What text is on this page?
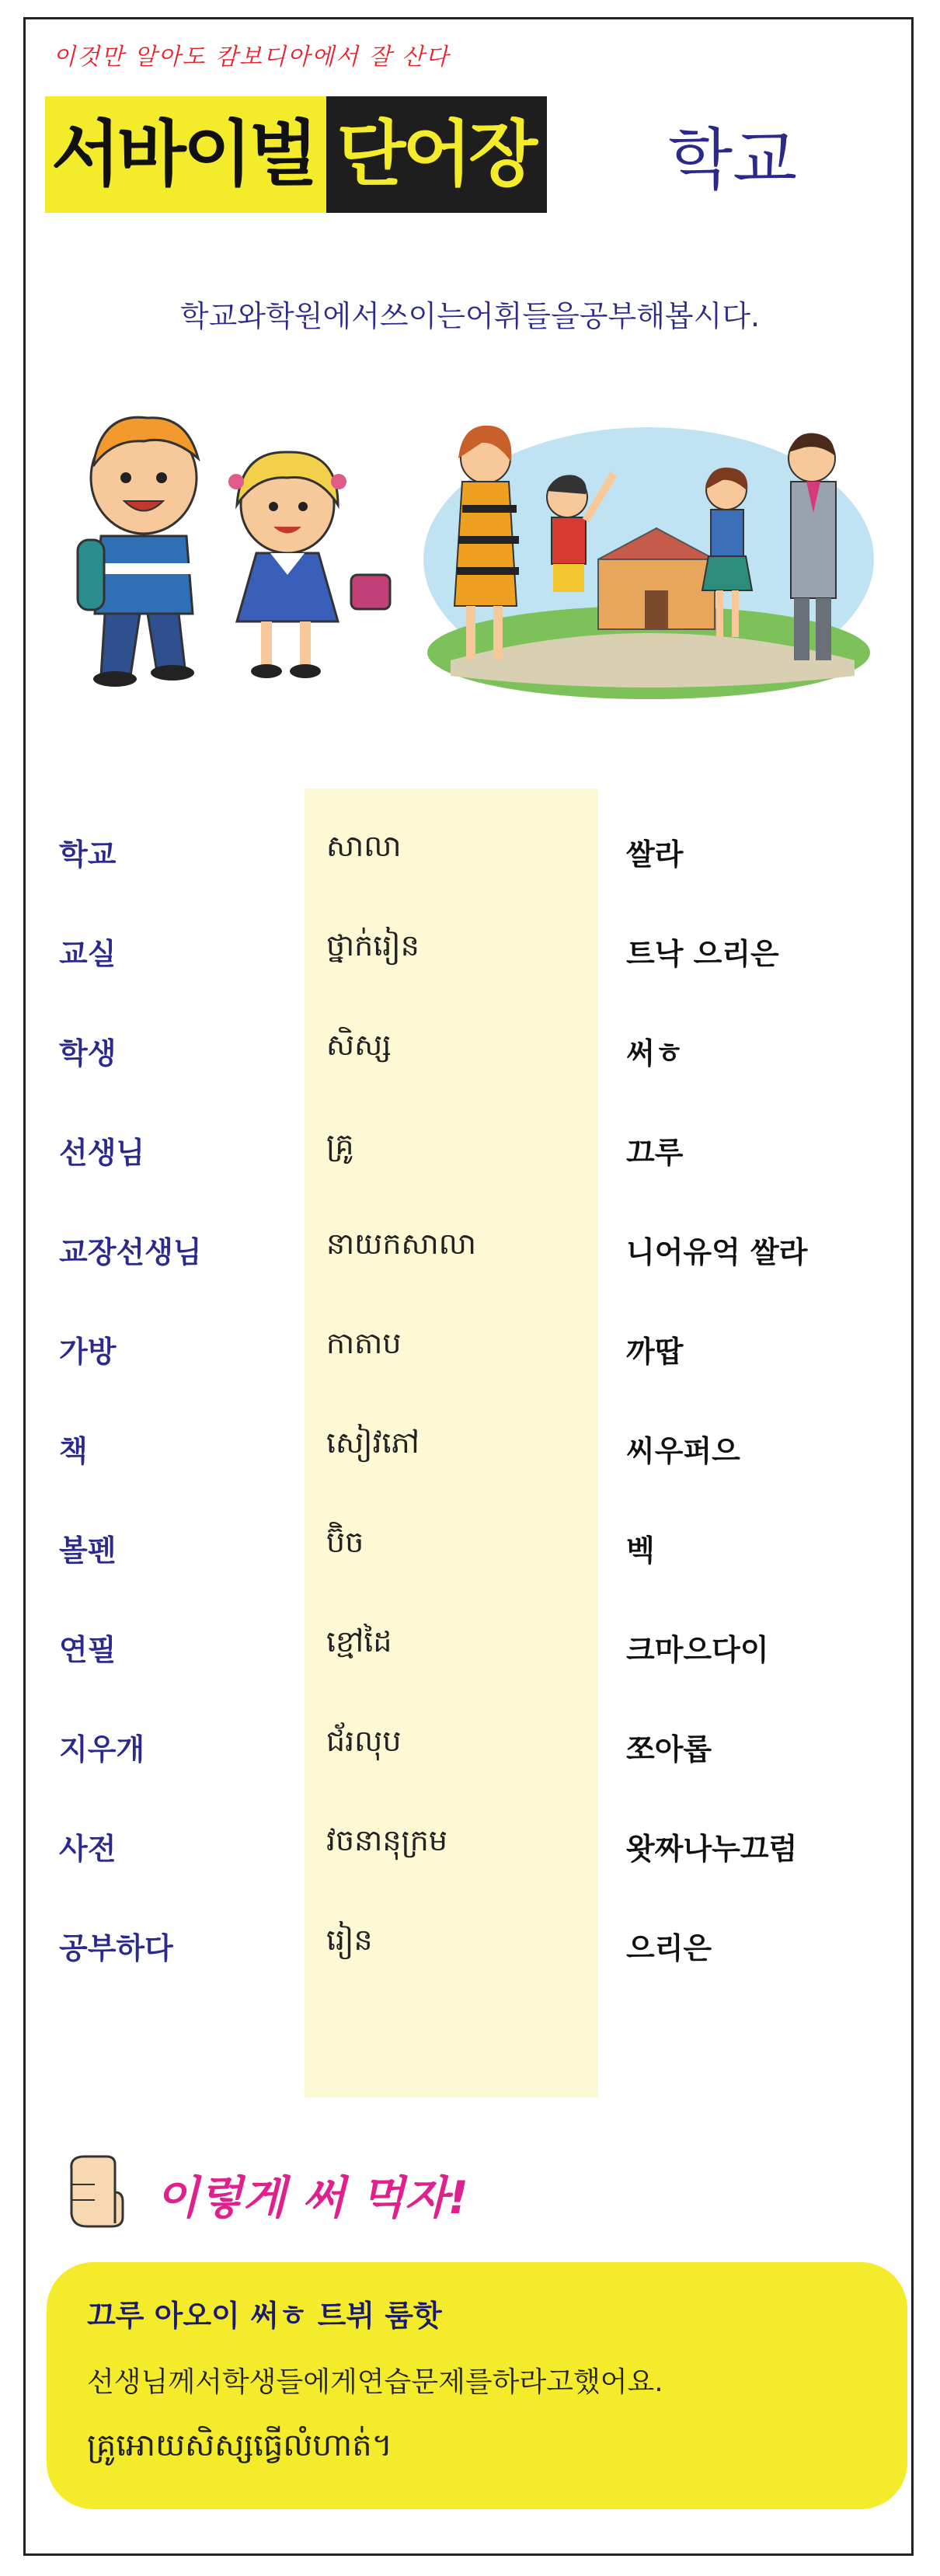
이것만 알아도 캄보디아에서 잘 산다
서바이벌 단어장 학교
학교와학원에서쓰이는어휘들을공부해봅시다.
학교	សាលា	쌀라
교실	ថ្នាក់រៀន	트낙 으리은
학생	សិស្ស	써ㅎ
선생님	គ្រូ	끄루
교장선생님	នាយកសាលា	니어유억 쌀라
가방	កាតាប	까땁
책	សៀវភៅ	씨우퍼으
볼펜	ប៊ិច	벡
연필	ខ្មៅដៃ	크마으다이
지우개	ជ័រលុប	쪼아롭
사전	វចនានុក្រម	왓짜나누끄럼
공부하다	រៀន	으리은
이렇게 써 먹자!
끄루 아오이 써ㅎ 트뷔 룸핫
선생님께서학생들에게연습문제를하라고했어요.
គ្រូអោយសិស្សធ្វើលំហាត់។
